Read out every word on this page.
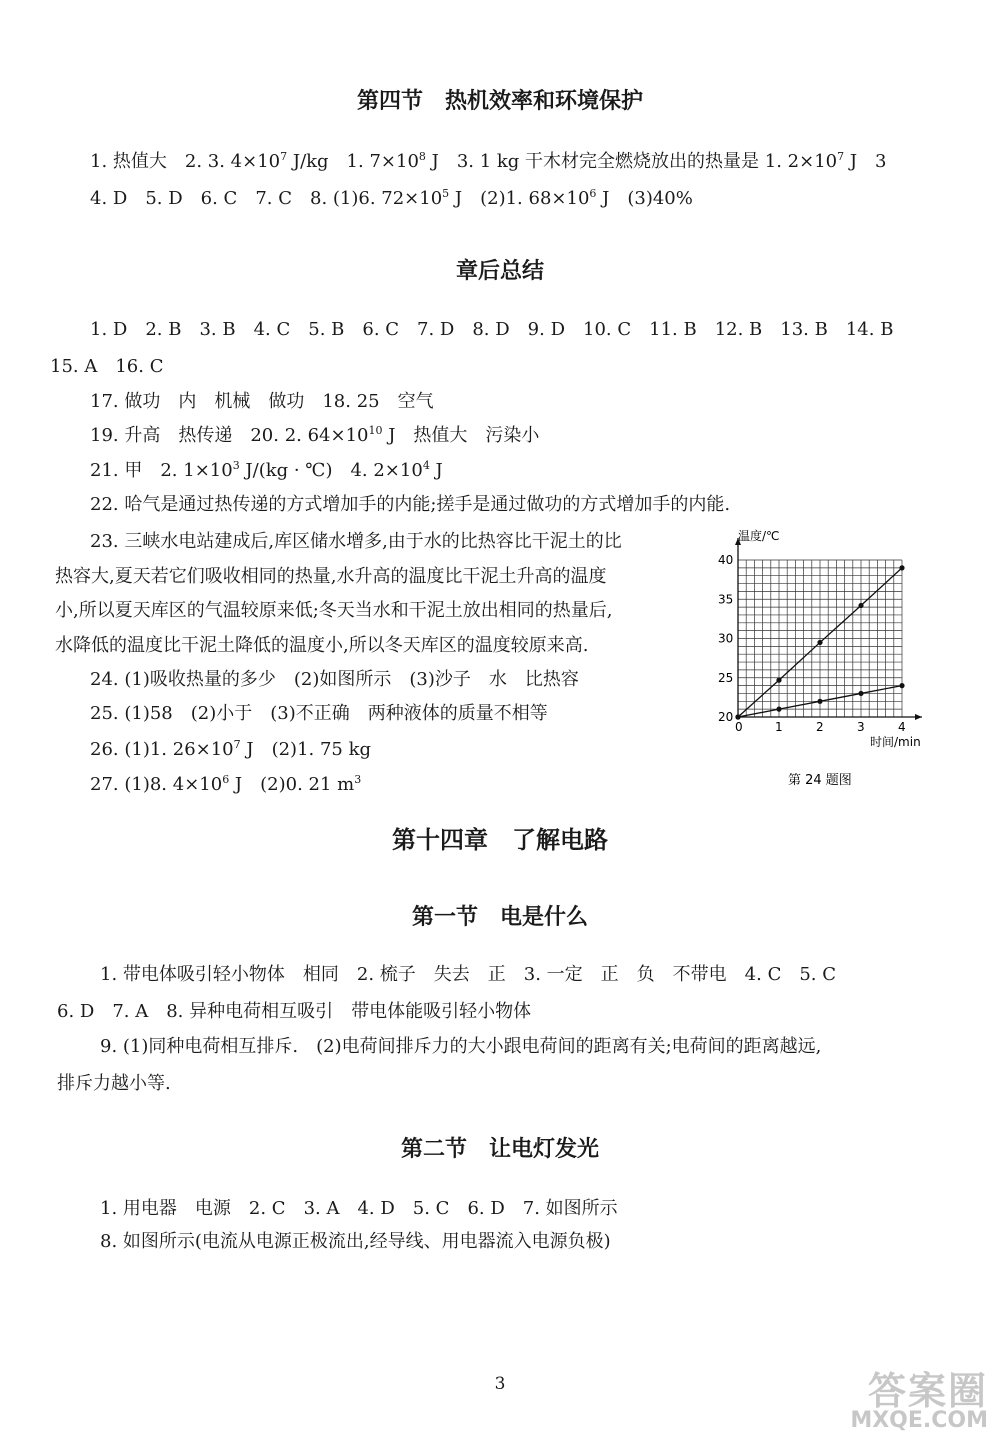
第四节　热机效率和环境保护
1. 热值大　2. 3. $4\times 10^7$ J/kg　1. $7\times 10^8$ J　3. 1 kg 干木材完全燃烧放出的热量是 1. $2\times 10^7$ J　3
4. D　5. D　6. C　7. C　8. (1)6. $72\times 10^5$ J　(2)1. $68\times 10^6$ J　(3)40%
章后总结
1. D　2. B　3. B　4. C　5. B　6. C　7. D　8. D　9. D　10. C　11. B　12. B　13. B　14. B
15. A　16. C
17. 做功　内　机械　做功　18. 25　空气
19. 升高　热传递　20. 2. $64\times 10^{10}$ J　热值大　污染小
21. 甲　2. $1\times 10^3$ J/(kg · ℃)　4. $2\times 10^4$ J
22. 哈气是通过热传递的方式增加手的内能;搓手是通过做功的方式增加手的内能.
23. 三峡水电站建成后,库区储水增多,由于水的比热容比干泥土的比
热容大,夏天若它们吸收相同的热量,水升高的温度比干泥土升高的温度
小,所以夏天库区的气温较原来低;冬天当水和干泥土放出相同的热量后,
水降低的温度比干泥土降低的温度小,所以冬天库区的温度较原来高.
24. (1)吸收热量的多少　(2)如图所示　(3)沙子　水　比热容
25. (1)58　(2)小于　(3)不正确　两种液体的质量不相等
26. (1)1. $26\times 10^7$ J　(2)1. 75 kg
27. (1)8. $4\times 10^6$ J　(2)0. 21 $m^3$
0	1	2	3	4
20
25
30
35
40
温度/℃
时间/min
第 24 题图
第十四章　了解电路
第一节　电是什么
1. 带电体吸引轻小物体　相同　2. 梳子　失去　正　3. 一定　正　负　不带电　4. C　5. C
6. D　7. A　8. 异种电荷相互吸引　带电体能吸引轻小物体
9. (1)同种电荷相互排斥.　(2)电荷间排斥力的大小跟电荷间的距离有关;电荷间的距离越远,
排斥力越小等.
第二节　让电灯发光
1. 用电器　电源　2. C　3. A　4. D　5. C　6. D　7. 如图所示
8. 如图所示(电流从电源正极流出,经导线、用电器流入电源负极)
3	答案圈
MXQE.COM
